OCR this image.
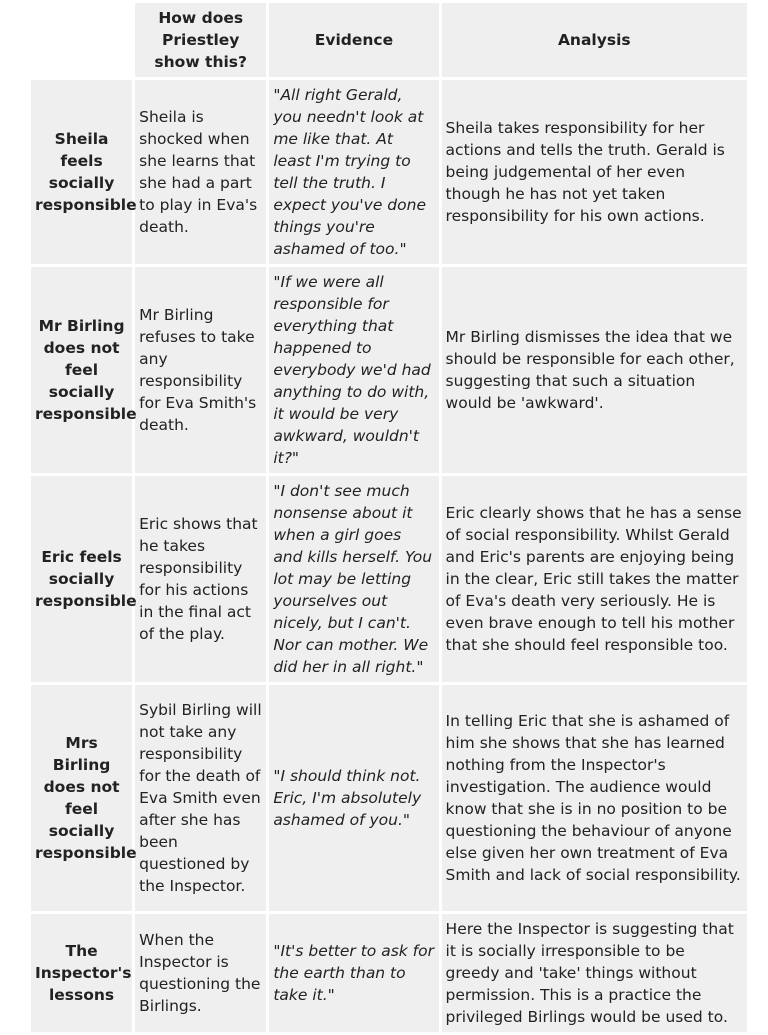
	How does Priestley show this?	Evidence	Analysis
Sheila feels socially responsible	Sheila is shocked when she learns that she had a part to play in Eva's death.	"All right Gerald, you needn't look at me like that. At least I'm trying to tell the truth. I expect you've done things you're ashamed of too."	Sheila takes responsibility for her actions and tells the truth. Gerald is being judgemental of her even though he has not yet taken responsibility for his own actions.
Mr Birling does not feel socially responsible	Mr Birling refuses to take any responsibility for Eva Smith's death.	"If we were all responsible for everything that happened to everybody we'd had anything to do with, it would be very awkward, wouldn't it?"	Mr Birling dismisses the idea that we should be responsible for each other, suggesting that such a situation would be 'awkward'.
Eric feels socially responsible	Eric shows that he takes responsibility for his actions in the final act of the play.	"I don't see much nonsense about it when a girl goes and kills herself. You lot may be letting yourselves out nicely, but I can't. Nor can mother. We did her in all right."	Eric clearly shows that he has a sense of social responsibility. Whilst Gerald and Eric's parents are enjoying being in the clear, Eric still takes the matter of Eva's death very seriously. He is even brave enough to tell his mother that she should feel responsible too.
Mrs Birling does not feel socially responsible	Sybil Birling will not take any responsibility for the death of Eva Smith even after she has been questioned by the Inspector.	"I should think not. Eric, I'm absolutely ashamed of you."	In telling Eric that she is ashamed of him she shows that she has learned nothing from the Inspector's investigation. The audience would know that she is in no position to be questioning the behaviour of anyone else given her own treatment of Eva Smith and lack of social responsibility.
The Inspector's lessons	When the Inspector is questioning the Birlings.	"It's better to ask for the earth than to take it."	Here the Inspector is suggesting that it is socially irresponsible to be greedy and 'take' things without permission. This is a practice the privileged Birlings would be used to.
